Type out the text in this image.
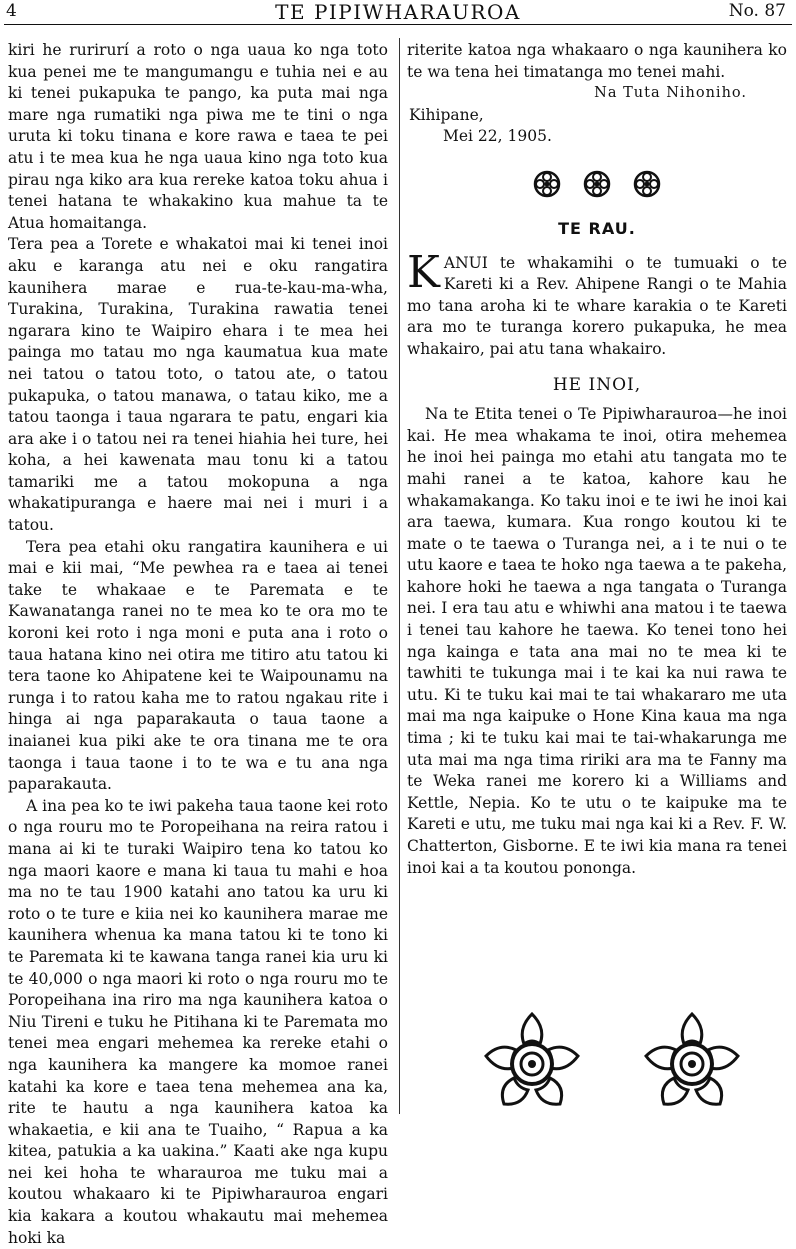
4	TE PIPIWHARAUROA	No. 87

kiri he rurirurí a roto o nga uaua ko nga toto kua penei me te mangumangu e tuhia nei e au ki tenei pukapuka te pango, ka puta mai nga mare nga rumatiki nga piwa me te tini o nga uruta ki toku tinana e kore rawa e taea te pei atu i te mea kua he nga uaua kino nga toto kua pirau nga kiko ara kua rereke katoa toku ahua i tenei hatana te whakakino kua mahue ta te Atua homaitanga.

Tera pea a Torete e whakatoi mai ki tenei inoi aku e karanga atu nei e oku rangatira kaunihera marae e rua-te-kau-ma-wha, Turakina, Turakina, Turakina rawatia tenei ngarara kino te Waipiro ehara i te mea hei painga mo tatau mo nga kaumatua kua mate nei tatou o tatou toto, o tatou ate, o tatou pukapuka, o tatou manawa, o tatau kiko, me a tatou taonga i taua ngarara te patu, engari kia ara ake i o tatou nei ra tenei hiahia hei ture, hei koha, a hei kawenata mau tonu ki a tatou tamariki me a tatou mokopuna a nga whakatipuranga e haere mai nei i muri i a tatou.

Tera pea etahi oku rangatira kaunihera e ui mai e kii mai, “Me pewhea ra e taea ai tenei take te whakaae e te Paremata e te Kawanatanga ranei no te mea ko te ora mo te koroni kei roto i nga moni e puta ana i roto o taua hatana kino nei otira me titiro atu tatou ki tera taone ko Ahipatene kei te Waipounamu na runga i to ratou kaha me to ratou ngakau rite i hinga ai nga paparakauta o taua taone a inaianei kua piki ake te ora tinana me te ora taonga i taua taone i to te wa e tu ana nga paparakauta.

A ina pea ko te iwi pakeha taua taone kei roto o nga rouru mo te Poropeihana na reira ratou i mana ai ki te turaki Waipiro tena ko tatou ko nga maori kaore e mana ki taua tu mahi e hoa ma no te tau 1900 katahi ano tatou ka uru ki roto o te ture e kiia nei ko kaunihera marae me kaunihera whenua ka mana tatou ki te tono ki te Paremata ki te kawana tanga ranei kia uru ki te 40,000 o nga maori ki roto o nga rouru mo te Poropeihana ina riro ma nga kaunihera katoa o Niu Tireni e tuku he Pitihana ki te Paremata mo tenei mea engari mehemea ka rereke etahi o nga kaunihera ka mangere ka momoe ranei katahi ka kore e taea tena mehemea ana ka, rite te hautu a nga kaunihera katoa ka whakaetia, e kii ana te Tuaiho, “ Rapua a ka kitea, patukia a ka uakina.” Kaati ake nga kupu nei kei hoha te wharauroa me tuku mai a koutou whakaaro ki te Pipiwharauroa engari kia kakara a koutou whakautu mai mehemea hoki ka

riterite katoa nga whakaaro o nga kaunihera ko te wa tena hei timatanga mo tenei mahi.

Na Tuta Nihoniho.

Kihipane,

Mei 22, 1905.

TE RAU.

K ANUI te whakamihi o te tumuaki o te Kareti ki a Rev. Ahipene Rangi o te Mahia mo tana aroha ki te whare karakia o te Kareti ara mo te turanga korero pukapuka, he mea whakairo, pai atu tana whakairo.

HE INOI,

Na te Etita tenei o Te Pipiwharauroa—he inoi kai. He mea whakama te inoi, otira mehemea he inoi hei painga mo etahi atu tangata mo te mahi ranei a te katoa, kahore kau he whakamakanga. Ko taku inoi e te iwi he inoi kai ara taewa, kumara. Kua rongo koutou ki te mate o te taewa o Turanga nei, a i te nui o te utu kaore e taea te hoko nga taewa a te pakeha, kahore hoki he taewa a nga tangata o Turanga nei. I era tau atu e whiwhi ana matou i te taewa i tenei tau kahore he taewa. Ko tenei tono hei nga kainga e tata ana mai no te mea ki te tawhiti te tukunga mai i te kai ka nui rawa te utu. Ki te tuku kai mai te tai whakararo me uta mai ma nga kaipuke o Hone Kina kaua ma nga tima ; ki te tuku kai mai te tai-whakarunga me uta mai ma nga tima ririki ara ma te Fanny ma te Weka ranei me korero ki a Williams and Kettle, Nepia. Ko te utu o te kaipuke ma te Kareti e utu, me tuku mai nga kai ki a Rev. F. W. Chatterton, Gisborne. E te iwi kia mana ra tenei inoi kai a ta koutou pononga.
